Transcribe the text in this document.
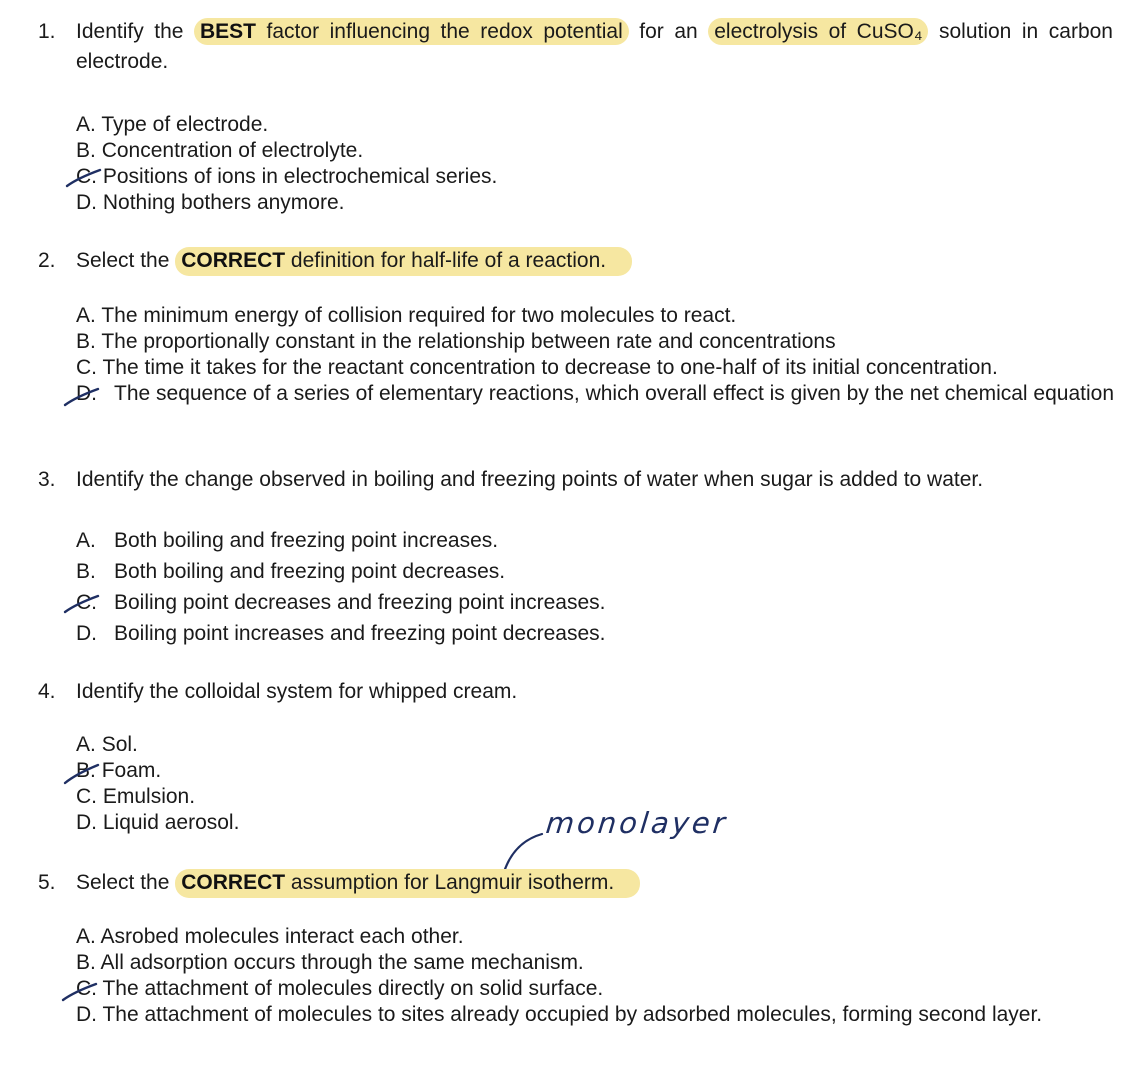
1. Identify the BEST factor influencing the redox potential for an electrolysis of CuSO₄ solution in carbon electrode.
A. Type of electrode.
B. Concentration of electrolyte.
C. Positions of ions in electrochemical series.
D. Nothing bothers anymore.
2. Select the CORRECT definition for half-life of a reaction.
A. The minimum energy of collision required for two molecules to react.
B. The proportionally constant in the relationship between rate and concentrations
C. The time it takes for the reactant concentration to decrease to one-half of its initial concentration.
D. The sequence of a series of elementary reactions, which overall effect is given by the net chemical equation
3. Identify the change observed in boiling and freezing points of water when sugar is added to water.
A. Both boiling and freezing point increases.
B. Both boiling and freezing point decreases.
C. Boiling point decreases and freezing point increases.
D. Boiling point increases and freezing point decreases.
4. Identify the colloidal system for whipped cream.
A. Sol.
B. Foam.
C. Emulsion.
D. Liquid aerosol.	monolayer
5. Select the CORRECT assumption for Langmuir isotherm.
A. Asrobed molecules interact each other.
B. All adsorption occurs through the same mechanism.
C. The attachment of molecules directly on solid surface.
D. The attachment of molecules to sites already occupied by adsorbed molecules, forming second layer.
